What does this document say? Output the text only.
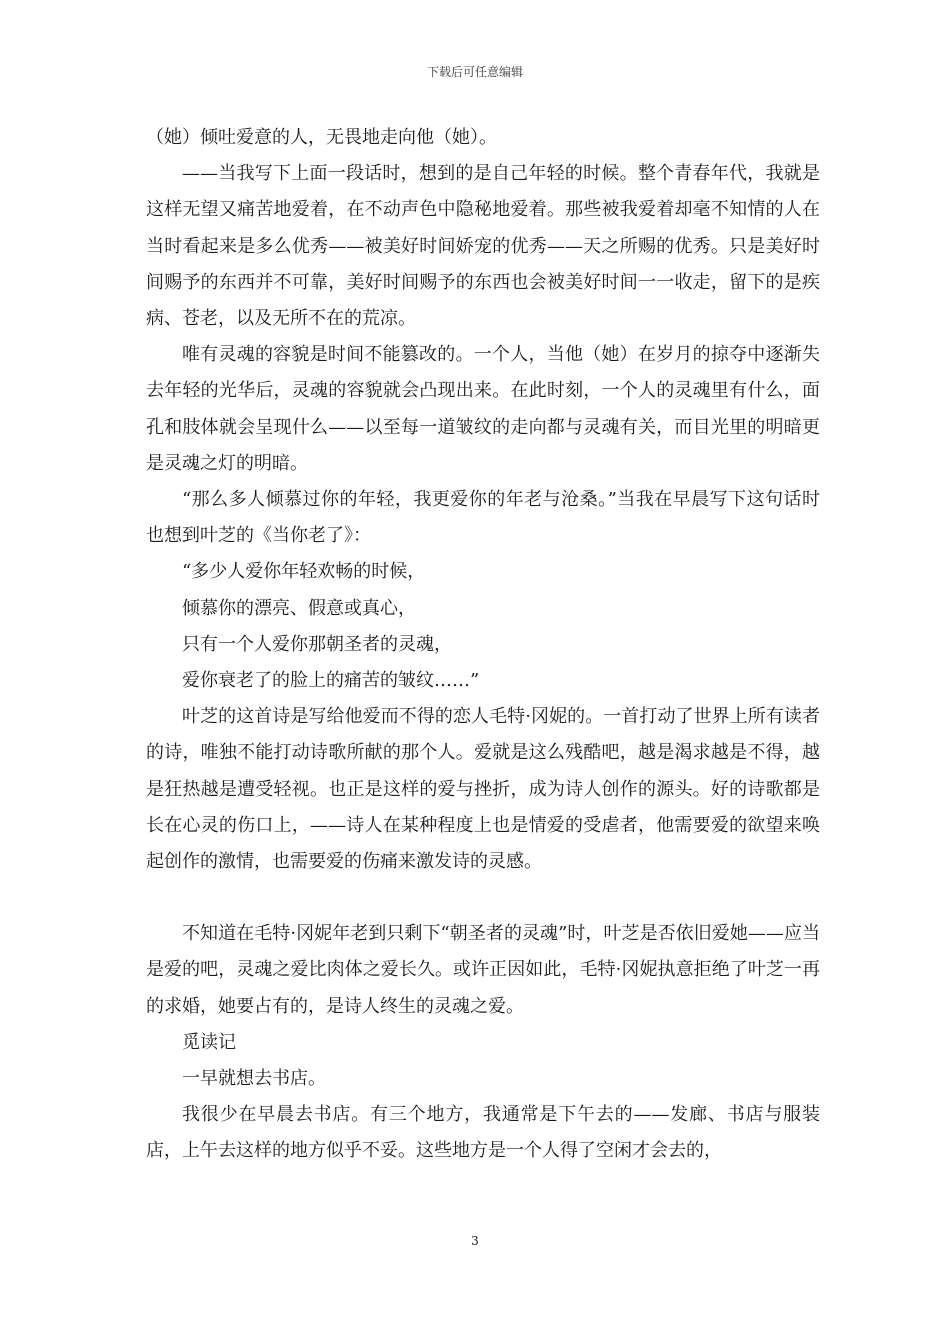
下载后可任意编辑

（她）倾吐爱意的人，无畏地走向他（她）。

——当我写下上面一段话时，想到的是自己年轻的时候。整个青春年代，我就是这样无望又痛苦地爱着，在不动声色中隐秘地爱着。那些被我爱着却毫不知情的人在当时看起来是多么优秀——被美好时间娇宠的优秀——天之所赐的优秀。只是美好时间赐予的东西并不可靠，美好时间赐予的东西也会被美好时间一一收走，留下的是疾病、苍老，以及无所不在的荒凉。

唯有灵魂的容貌是时间不能篡改的。一个人，当他（她）在岁月的掠夺中逐渐失去年轻的光华后，灵魂的容貌就会凸现出来。在此时刻，一个人的灵魂里有什么，面孔和肢体就会呈现什么——以至每一道皱纹的走向都与灵魂有关，而目光里的明暗更是灵魂之灯的明暗。

“那么多人倾慕过你的年轻，我更爱你的年老与沧桑。”当我在早晨写下这句话时也想到叶芝的《当你老了》：

“多少人爱你年轻欢畅的时候，

倾慕你的漂亮、假意或真心，

只有一个人爱你那朝圣者的灵魂，

爱你衰老了的脸上的痛苦的皱纹……”

叶芝的这首诗是写给他爱而不得的恋人毛特·冈妮的。一首打动了世界上所有读者的诗，唯独不能打动诗歌所献的那个人。爱就是这么残酷吧，越是渴求越是不得，越是狂热越是遭受轻视。也正是这样的爱与挫折，成为诗人创作的源头。好的诗歌都是长在心灵的伤口上，——诗人在某种程度上也是情爱的受虐者，他需要爱的欲望来唤起创作的激情，也需要爱的伤痛来激发诗的灵感。

不知道在毛特·冈妮年老到只剩下“朝圣者的灵魂”时，叶芝是否依旧爱她——应当是爱的吧，灵魂之爱比肉体之爱长久。或许正因如此，毛特·冈妮执意拒绝了叶芝一再的求婚，她要占有的，是诗人终生的灵魂之爱。

觅读记

一早就想去书店。

我很少在早晨去书店。有三个地方，我通常是下午去的——发廊、书店与服装店，上午去这样的地方似乎不妥。这些地方是一个人得了空闲才会去的，

3
